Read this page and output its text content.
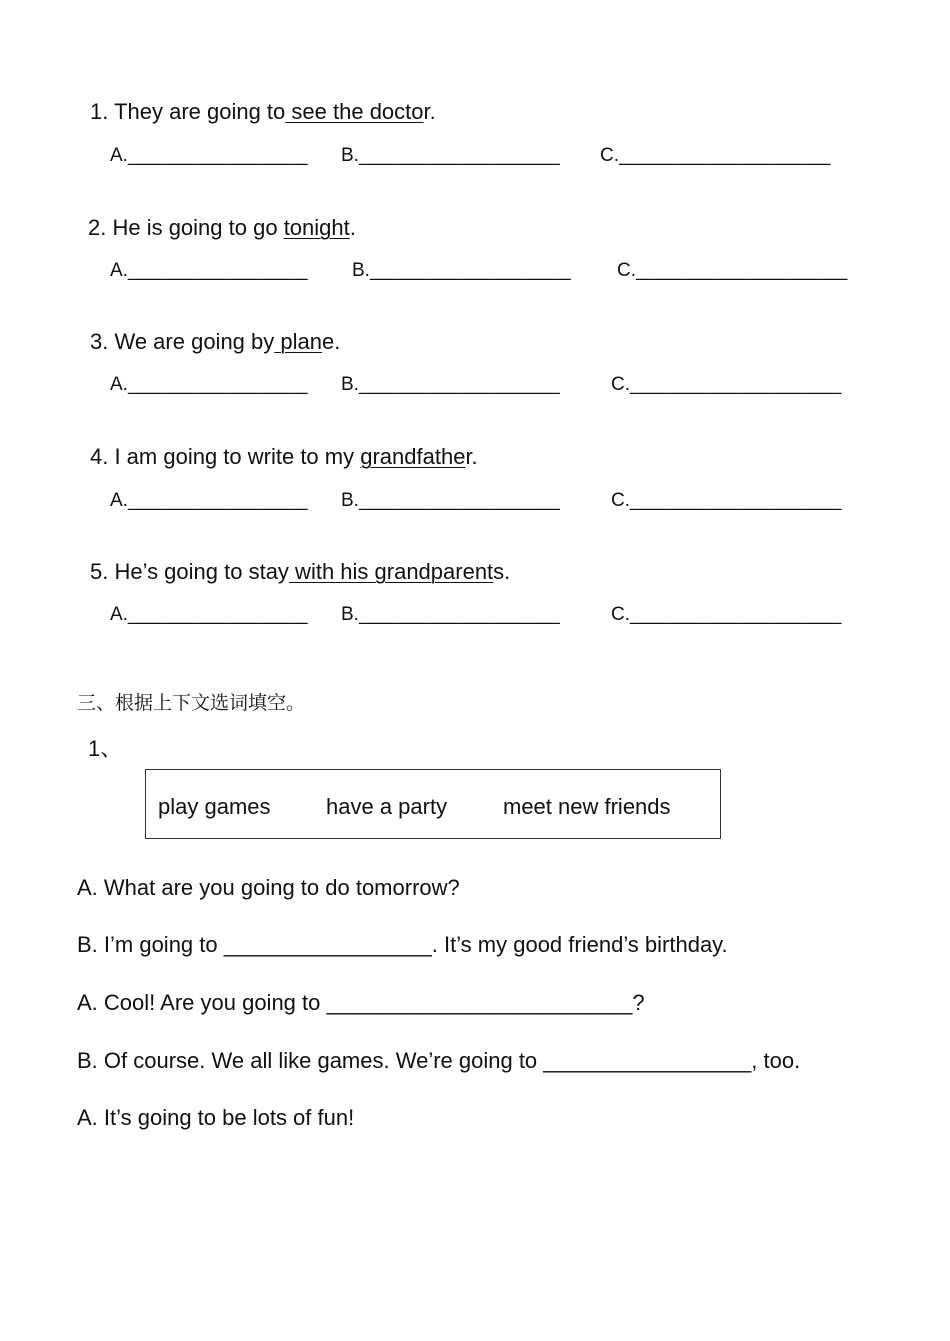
1. They are going to see the doctor.
A._________________ B.___________________ C.____________________
2. He is going to go tonight.
A._________________ B.___________________ C.____________________
3. We are going by plane.
A._________________ B.___________________	C.____________________
4. I am going to write to my grandfather.
A._________________ B.___________________	C.____________________
5. He’s going to stay with his grandparents.
A._________________ B.___________________	C.____________________
三、根据上下文选词填空。
1、
play games	have a party	meet new friends
A. What are you going to do tomorrow?
B. I’m going to _________________. It’s my good friend’s birthday.
A. Cool! Are you going to _________________________?
B. Of course. We all like games. We’re going to _________________, too.
A. It’s going to be lots of fun!
